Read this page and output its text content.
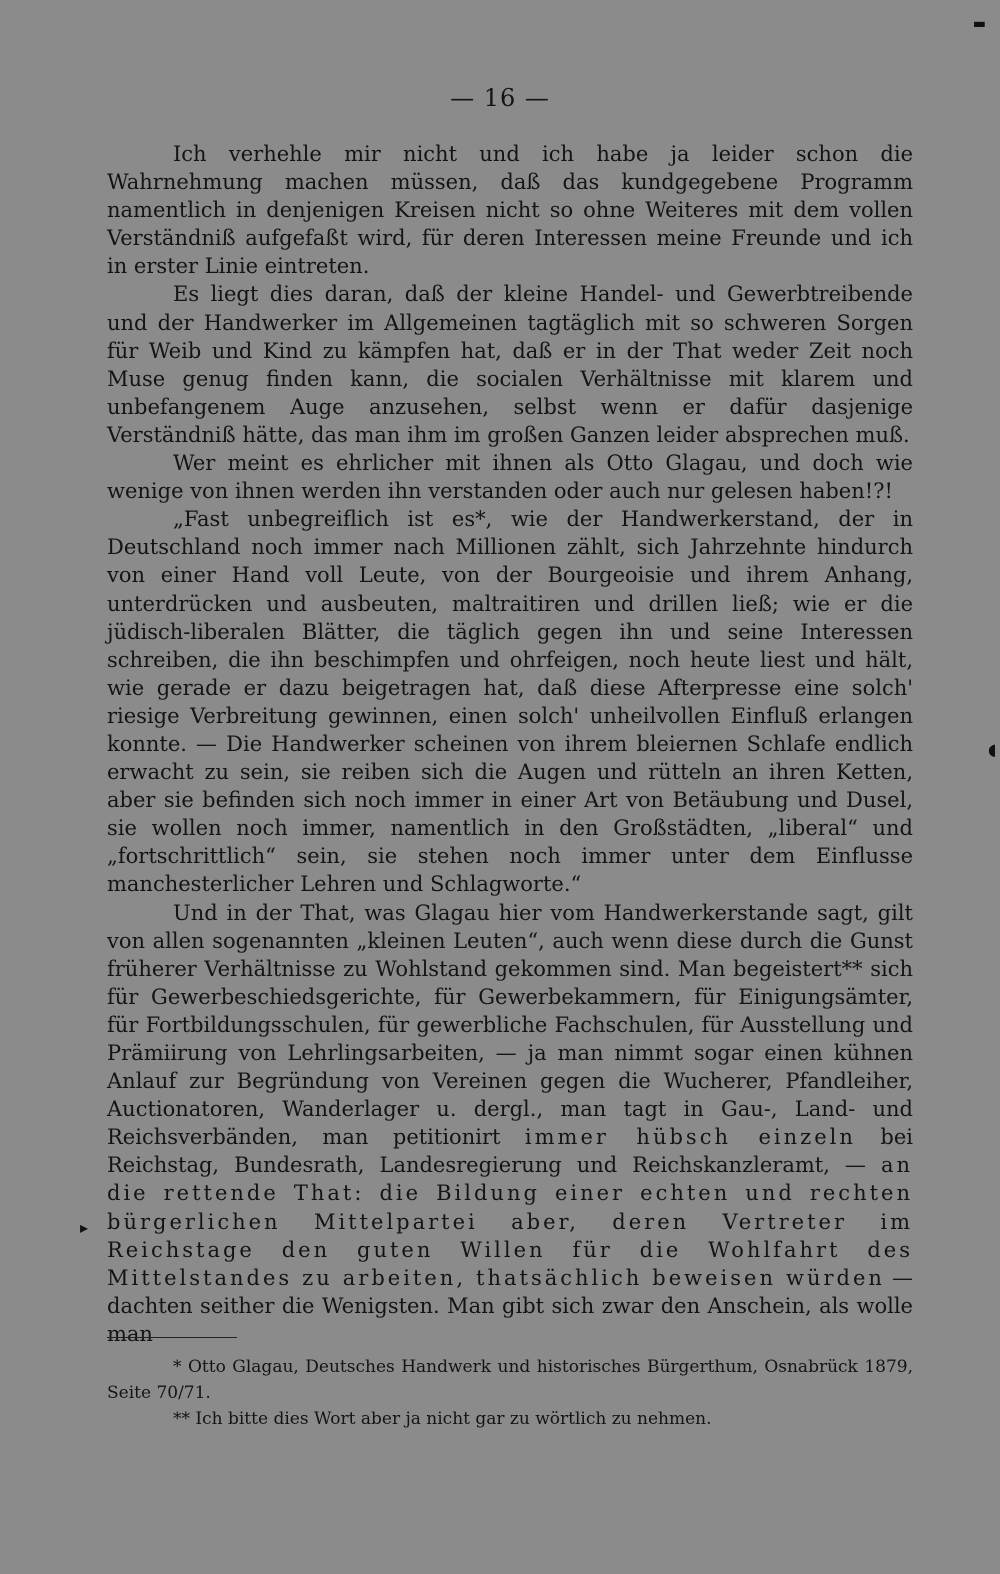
▬
◖
▸
— 16 —

Ich verhehle mir nicht und ich habe ja leider schon die Wahrnehmung machen müssen, daß das kundgegebene Programm namentlich in denjenigen Kreisen nicht so ohne Weiteres mit dem vollen Verständniß aufgefaßt wird, für deren Interessen meine Freunde und ich in erster Linie eintreten.

Es liegt dies daran, daß der kleine Handel- und Gewerbtreibende und der Handwerker im Allgemeinen tagtäglich mit so schweren Sorgen für Weib und Kind zu kämpfen hat, daß er in der That weder Zeit noch Muse genug finden kann, die socialen Verhältnisse mit klarem und unbefangenem Auge anzusehen, selbst wenn er dafür dasjenige Verständniß hätte, das man ihm im großen Ganzen leider absprechen muß.

Wer meint es ehrlicher mit ihnen als Otto Glagau, und doch wie wenige von ihnen werden ihn verstanden oder auch nur gelesen haben!?!

„Fast unbegreiflich ist es*, wie der Handwerkerstand, der in Deutschland noch immer nach Millionen zählt, sich Jahrzehnte hindurch von einer Hand voll Leute, von der Bourgeoisie und ihrem Anhang, unterdrücken und ausbeuten, maltraitiren und drillen ließ; wie er die jüdisch-liberalen Blätter, die täglich gegen ihn und seine Interessen schreiben, die ihn beschimpfen und ohrfeigen, noch heute liest und hält, wie gerade er dazu beigetragen hat, daß diese Afterpresse eine solch' riesige Verbreitung gewinnen, einen solch' unheilvollen Einfluß erlangen konnte. — Die Handwerker scheinen von ihrem bleiernen Schlafe endlich erwacht zu sein, sie reiben sich die Augen und rütteln an ihren Ketten, aber sie befinden sich noch immer in einer Art von Betäubung und Dusel, sie wollen noch immer, namentlich in den Großstädten, „liberal“ und „fortschrittlich“ sein, sie stehen noch immer unter dem Einflusse manchesterlicher Lehren und Schlagworte.“

Und in der That, was Glagau hier vom Handwerkerstande sagt, gilt von allen sogenannten „kleinen Leuten“, auch wenn diese durch die Gunst früherer Verhältnisse zu Wohlstand gekommen sind. Man begeistert** sich für Gewerbeschiedsgerichte, für Gewerbekammern, für Einigungsämter, für Fortbildungsschulen, für gewerbliche Fachschulen, für Ausstellung und Prämiirung von Lehrlingsarbeiten, — ja man nimmt sogar einen kühnen Anlauf zur Begründung von Vereinen gegen die Wucherer, Pfandleiher, Auctionatoren, Wanderlager u. dergl., man tagt in Gau-, Land- und Reichsverbänden, man petitionirt immer hübsch einzeln bei Reichstag, Bundesrath, Landesregierung und Reichskanzleramt, — an die rettende That: die Bildung einer echten und rechten bürgerlichen Mittelpartei aber, deren Vertreter im Reichstage den guten Willen für die Wohlfahrt des Mittelstandes zu arbeiten, thatsächlich beweisen würden — dachten seither die Wenigsten. Man gibt sich zwar den Anschein, als wolle man

* Otto Glagau, Deutsches Handwerk und historisches Bürgerthum, Osnabrück 1879, Seite 70/71.

** Ich bitte dies Wort aber ja nicht gar zu wörtlich zu nehmen.
